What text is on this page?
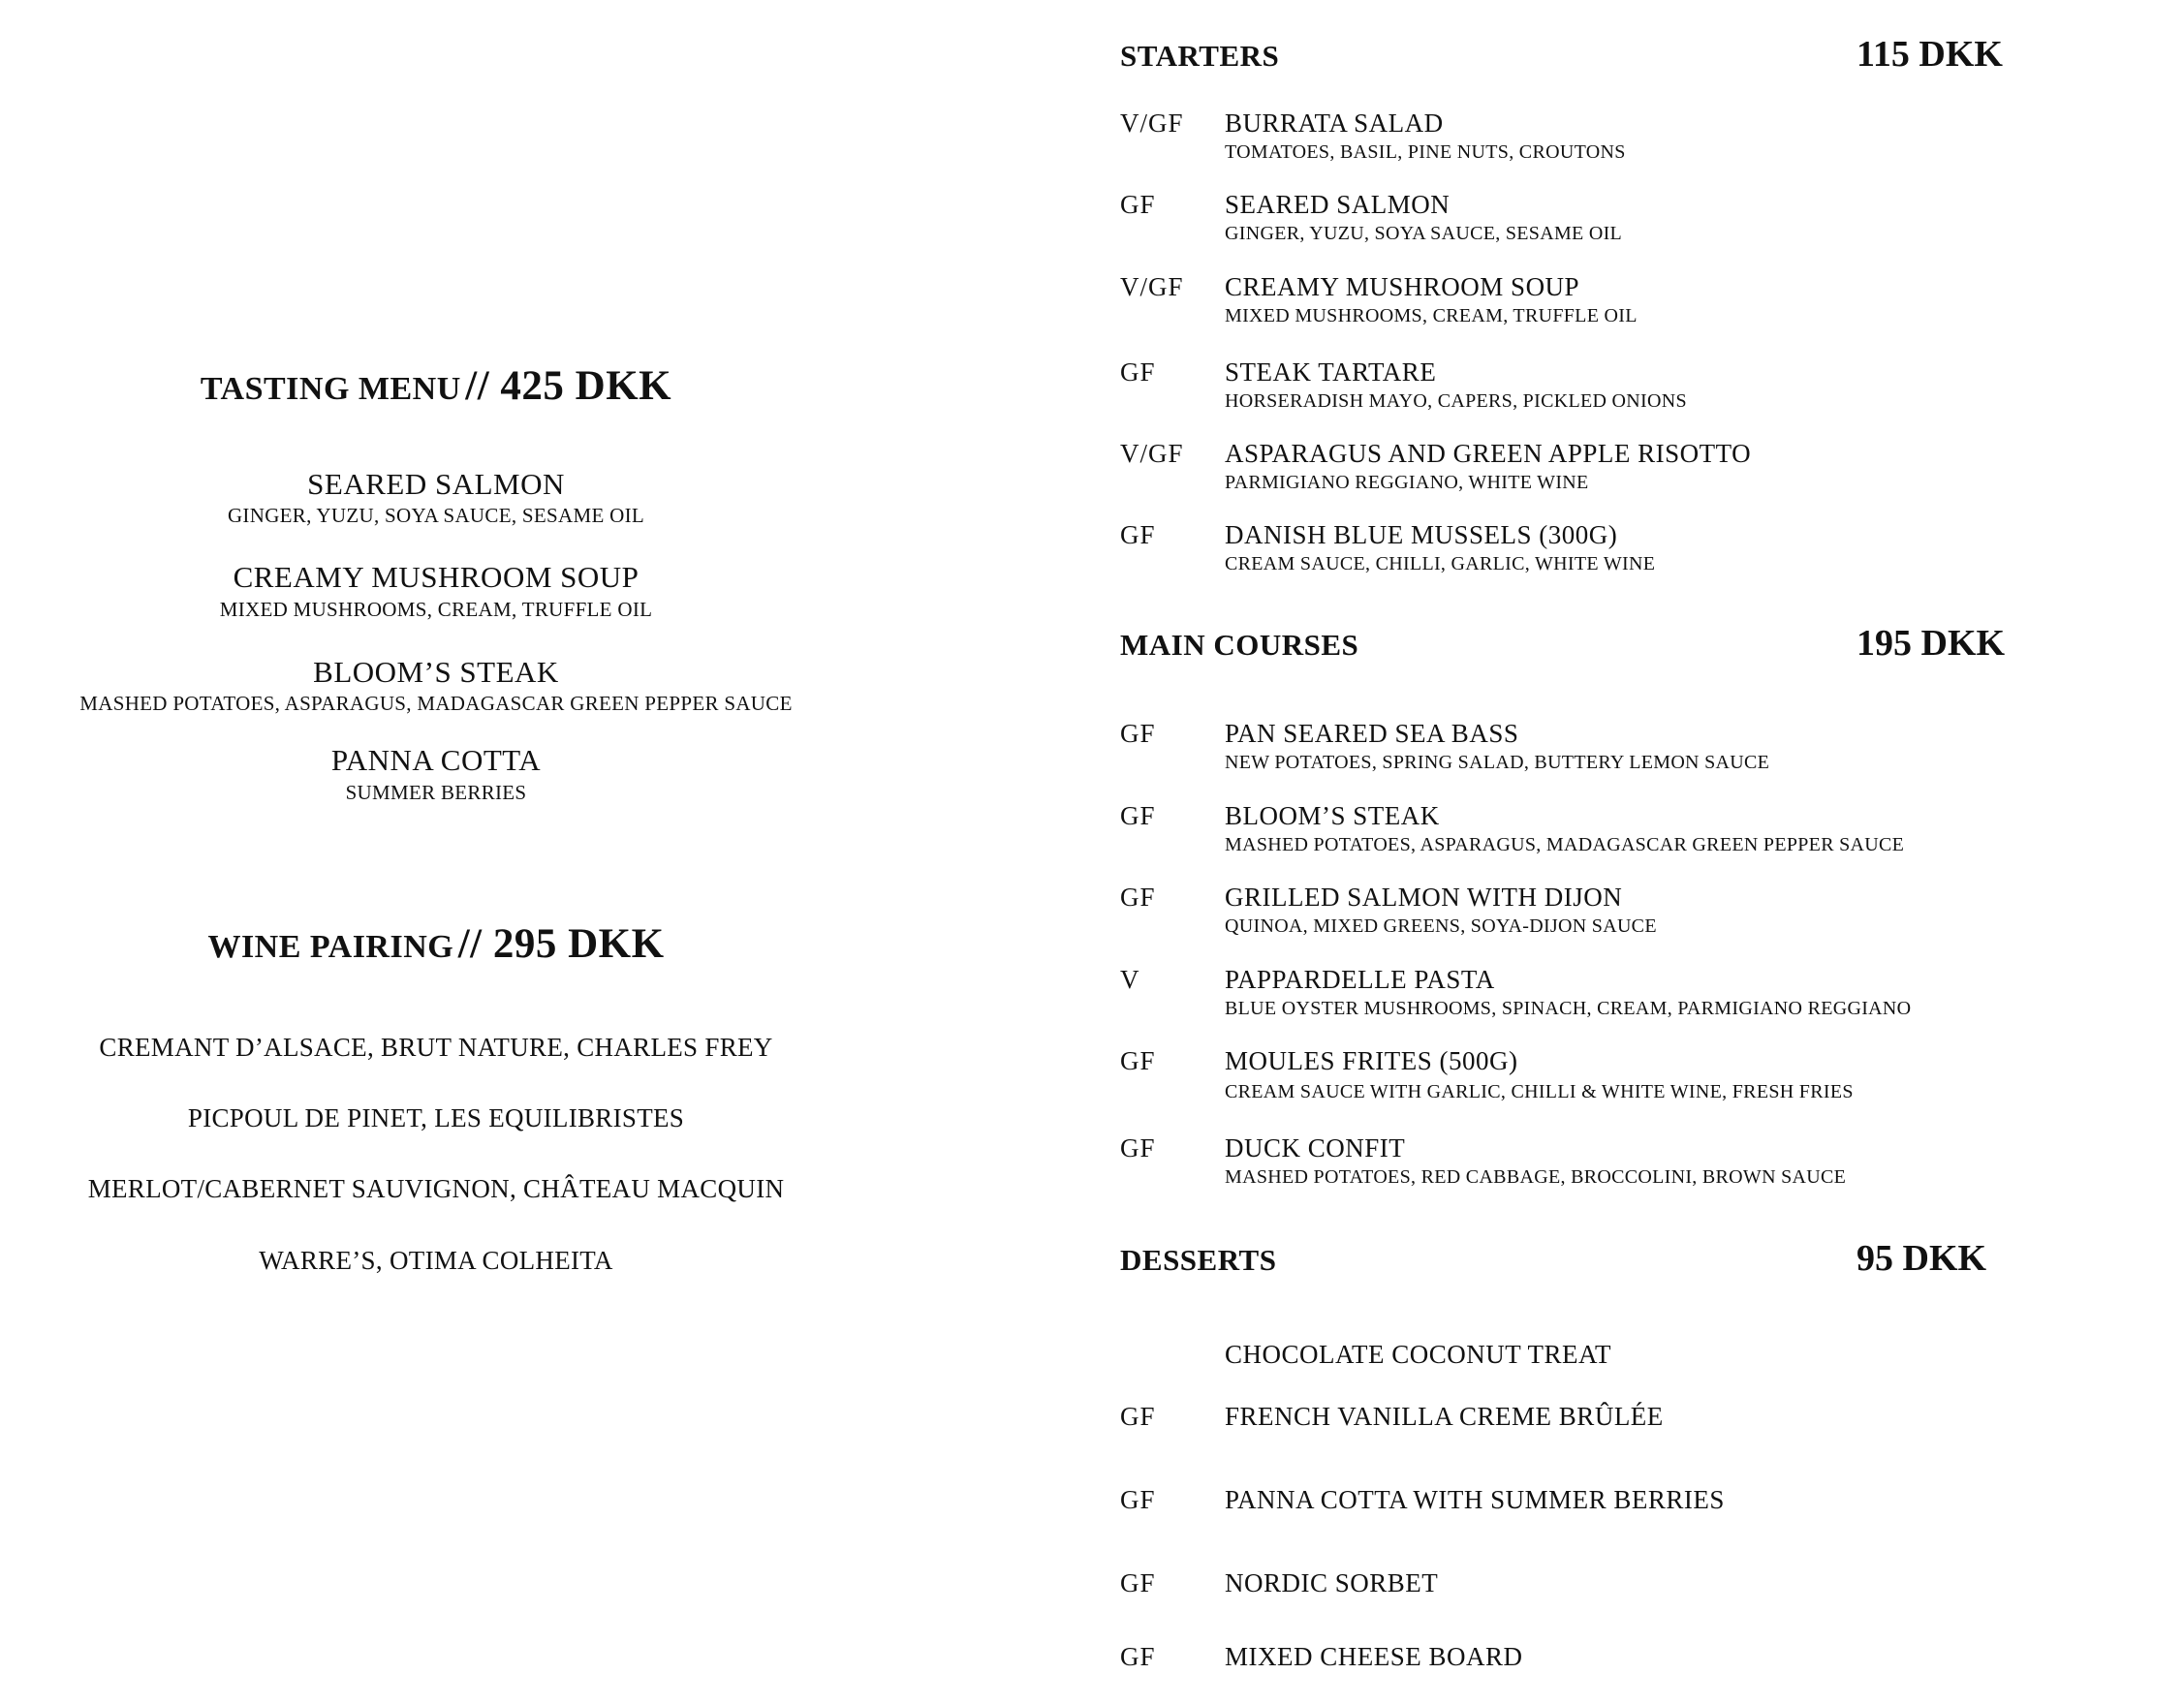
TASTING MENU // 425 DKK
SEARED SALMON
GINGER, YUZU, SOYA SAUCE, SESAME OIL
CREAMY MUSHROOM SOUP
MIXED MUSHROOMS, CREAM, TRUFFLE OIL
BLOOM’S STEAK
MASHED POTATOES, ASPARAGUS, MADAGASCAR GREEN PEPPER SAUCE
PANNA COTTA
SUMMER BERRIES
WINE PAIRING // 295 DKK
CREMANT D’ALSACE, BRUT NATURE, CHARLES FREY
PICPOUL DE PINET, LES EQUILIBRISTES
MERLOT/CABERNET SAUVIGNON, CHÂTEAU MACQUIN
WARRE’S, OTIMA COLHEITA
STARTERS	115 DKK
V/GF BURRATA SALAD
TOMATOES, BASIL, PINE NUTS, CROUTONS
GF	SEARED SALMON
GINGER, YUZU, SOYA SAUCE, SESAME OIL
V/GF CREAMY MUSHROOM SOUP
MIXED MUSHROOMS, CREAM, TRUFFLE OIL
GF	STEAK TARTARE
HORSERADISH MAYO, CAPERS, PICKLED ONIONS
V/GF ASPARAGUS AND GREEN APPLE RISOTTO
PARMIGIANO REGGIANO, WHITE WINE
GF	DANISH BLUE MUSSELS (300G)
CREAM SAUCE, CHILLI, GARLIC, WHITE WINE
MAIN COURSES	195 DKK
GF	PAN SEARED SEA BASS
NEW POTATOES, SPRING SALAD, BUTTERY LEMON SAUCE
GF	BLOOM’S STEAK
MASHED POTATOES, ASPARAGUS, MADAGASCAR GREEN PEPPER SAUCE
GF	GRILLED SALMON WITH DIJON
QUINOA, MIXED GREENS, SOYA-DIJON SAUCE
V	PAPPARDELLE PASTA
BLUE OYSTER MUSHROOMS, SPINACH, CREAM, PARMIGIANO REGGIANO
GF	MOULES FRITES (500G)
CREAM SAUCE WITH GARLIC, CHILLI & WHITE WINE, FRESH FRIES
GF	DUCK CONFIT
MASHED POTATOES, RED CABBAGE, BROCCOLINI, BROWN SAUCE
DESSERTS	95 DKK
CHOCOLATE COCONUT TREAT
GF	FRENCH VANILLA CREME BRÛLÉE
GF	PANNA COTTA WITH SUMMER BERRIES
GF	NORDIC SORBET
GF	MIXED CHEESE BOARD
